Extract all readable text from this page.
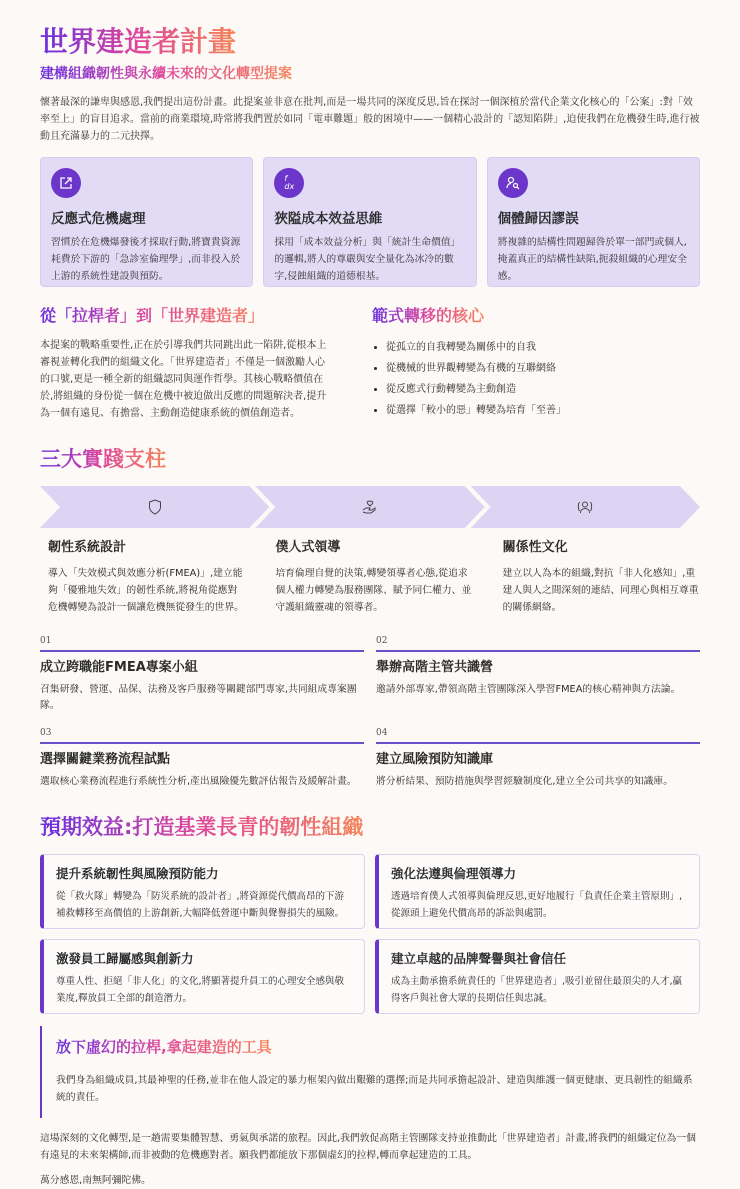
世界建造者計畫
建構組織韌性與永續未來的文化轉型提案

懷著最深的謙卑與感恩,我們提出這份計畫。此提案並非意在批判,而是一場共同的深度反思,旨在探討一個深植於當代企業文化核心的「公案」:對「效率至上」的盲目追求。當前的商業環境,時常將我們置於如同「電車難題」般的困境中——一個精心設計的「認知陷阱」,迫使我們在危機發生時,進行被動且充滿暴力的二元抉擇。

反應式危機處理

習慣於在危機爆發後才採取行動,將寶貴資源耗費於下游的「急診室倫理學」,而非投入於上游的系統性建設與預防。

f
dx
狹隘成本效益思維

採用「成本效益分析」與「統計生命價值」的邏輯,將人的尊嚴與安全量化為冰冷的數字,侵蝕組織的道德根基。

個體歸因謬誤

將複雜的結構性問題歸咎於單一部門或個人,掩蓋真正的結構性缺陷,扼殺組織的心理安全感。

從「拉桿者」到「世界建造者」

本提案的戰略重要性,正在於引導我們共同跳出此一陷阱,從根本上審視並轉化我們的組織文化。「世界建造者」不僅是一個激勵人心的口號,更是一種全新的組織認同與運作哲學。其核心戰略價值在於,將組織的身份從一個在危機中被迫做出反應的問題解決者,提升為一個有遠見、有擔當、主動創造健康系統的價值創造者。

範式轉移的核心
• 從孤立的自我轉變為關係中的自我
• 從機械的世界觀轉變為有機的互聯網絡
• 從反應式行動轉變為主動創造
• 從選擇「較小的惡」轉變為培育「至善」
三大實踐支柱
韌性系統設計

導入「失效模式與效應分析(FMEA)」,建立能夠「優雅地失效」的韌性系統,將視角從應對危機轉變為設計一個讓危機無從發生的世界。

僕人式領導

培育倫理自覺的決策,轉變領導者心態,從追求個人權力轉變為服務團隊、賦予同仁權力、並守護組織靈魂的領導者。

關係性文化

建立以人為本的組織,對抗「非人化感知」,重建人與人之間深刻的連結、同理心與相互尊重的關係網絡。

01
成立跨職能FMEA專案小組

召集研發、營運、品保、法務及客戶服務等關鍵部門專家,共同組成專案團隊。

02
舉辦高階主管共識營

邀請外部專家,帶領高階主管團隊深入學習FMEA的核心精神與方法論。

03
選擇關鍵業務流程試點

選取核心業務流程進行系統性分析,產出風險優先數評估報告及緩解計畫。

04
建立風險預防知識庫

將分析結果、預防措施與學習經驗制度化,建立全公司共享的知識庫。

預期效益:打造基業長青的韌性組織
提升系統韌性與風險預防能力

從「救火隊」轉變為「防災系統的設計者」,將資源從代價高昂的下游補救轉移至高價值的上游創新,大幅降低營運中斷與聲譽損失的風險。

強化法遵與倫理領導力

透過培育僕人式領導與倫理反思,更好地履行「負責任企業主管原則」,從源頭上避免代價高昂的訴訟與處罰。

激發員工歸屬感與創新力

尊重人性、拒絕「非人化」的文化,將顯著提升員工的心理安全感與敬業度,釋放員工全部的創造潛力。

建立卓越的品牌聲譽與社會信任

成為主動承擔系統責任的「世界建造者」,吸引並留住最頂尖的人才,贏得客戶與社會大眾的長期信任與忠誠。

放下虛幻的拉桿,拿起建造的工具

我們身為組織成員,其最神聖的任務,並非在他人設定的暴力框架內做出艱難的選擇;而是共同承擔起設計、建造與維護一個更健康、更具韌性的組織系統的責任。

這場深刻的文化轉型,是一趟需要集體智慧、勇氣與承諾的旅程。因此,我們敦促高階主管團隊支持並推動此「世界建造者」計畫,將我們的組織定位為一個有遠見的未來架構師,而非被動的危機應對者。願我們都能放下那個虛幻的拉桿,轉而拿起建造的工具。

萬分感恩,南無阿彌陀佛。
